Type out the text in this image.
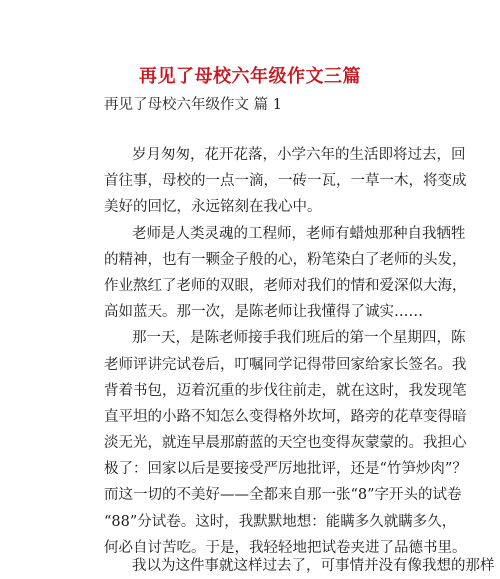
再见了母校六年级作文三篇
再见了母校六年级作文 篇 1
岁月匆匆，花开花落，小学六年的生活即将过去，回
首往事，母校的一点一滴，一砖一瓦，一草一木，将变成
美好的回忆，永远铭刻在我心中。
老师是人类灵魂的工程师，老师有蜡烛那种自我牺牲
的精神，也有一颗金子般的心，粉笔染白了老师的头发，
作业熬红了老师的双眼，老师对我们的情和爱深似大海，
高如蓝天。那一次，是陈老师让我懂得了诚实……
那一天，是陈老师接手我们班后的第一个星期四，陈
老师评讲完试卷后，叮嘱同学记得带回家给家长签名。我
背着书包，迈着沉重的步伐往前走，就在这时，我发现笔
直平坦的小路不知怎么变得格外坎坷，路旁的花草变得暗
淡无光，就连早晨那蔚蓝的天空也变得灰蒙蒙的。我担心
极了：回家以后是要接受严厉地批评，还是“竹笋炒肉”？
而这一切的不美好——全都来自那一张“8”字开头的试卷
“88”分试卷。这时，我默默地想：能瞒多久就瞒多久，
何必自讨苦吃。于是，我轻轻地把试卷夹进了品德书里。
我以为这件事就这样过去了，可事情并没有像我想的那样
